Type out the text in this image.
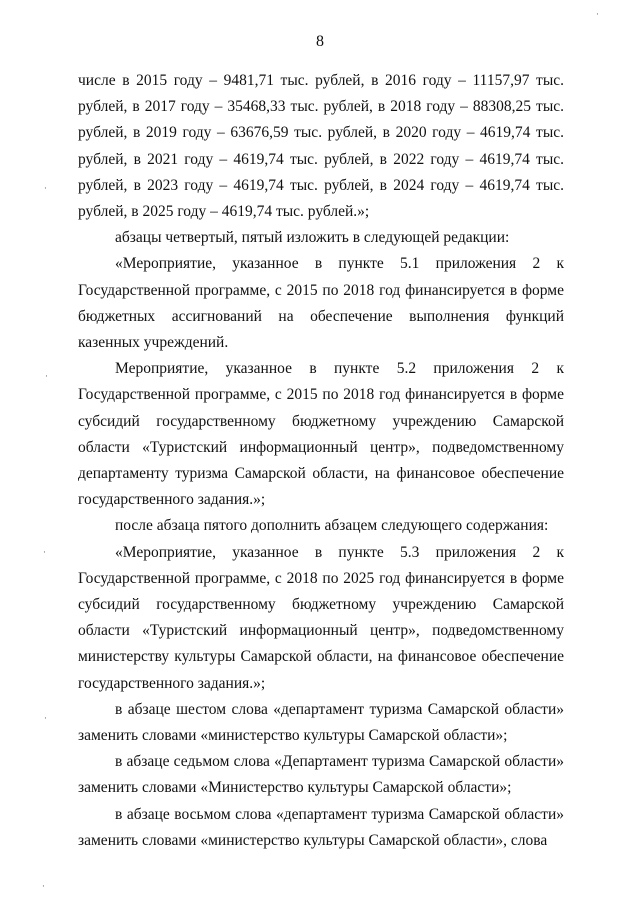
8

числе в 2015 году – 9481,71 тыс. рублей, в 2016 году – 11157,97 тыс. рублей, в 2017 году – 35468,33 тыс. рублей, в 2018 году – 88308,25 тыс. рублей, в 2019 году – 63676,59 тыс. рублей, в 2020 году – 4619,74 тыс. рублей, в 2021 году – 4619,74 тыс. рублей, в 2022 году – 4619,74 тыс. рублей, в 2023 году – 4619,74 тыс. рублей, в 2024 году – 4619,74 тыс. рублей, в 2025 году – 4619,74 тыс. рублей.»;

абзацы четвертый, пятый изложить в следующей редакции:

«Мероприятие, указанное в пункте 5.1 приложения 2 к Государственной программе, с 2015 по 2018 год финансируется в форме бюджетных ассигнований на обеспечение выполнения функций казенных учреждений.

Мероприятие, указанное в пункте 5.2 приложения 2 к Государственной программе, с 2015 по 2018 год финансируется в форме субсидий государственному бюджетному учреждению Самарской области «Туристский информационный центр», подведомственному департаменту туризма Самарской области, на финансовое обеспечение государственного задания.»;

после абзаца пятого дополнить абзацем следующего содержания:

«Мероприятие, указанное в пункте 5.3 приложения 2 к Государственной программе, с 2018 по 2025 год финансируется в форме субсидий государственному бюджетному учреждению Самарской области «Туристский информационный центр», подведомственному министерству культуры Самарской области, на финансовое обеспечение государственного задания.»;

в абзаце шестом слова «департамент туризма Самарской области» заменить словами «министерство культуры Самарской области»;

в абзаце седьмом слова «Департамент туризма Самарской области» заменить словами «Министерство культуры Самарской области»;

в абзаце восьмом слова «департамент туризма Самарской области» заменить словами «министерство культуры Самарской области», слова

·
·
·
·
·
·
